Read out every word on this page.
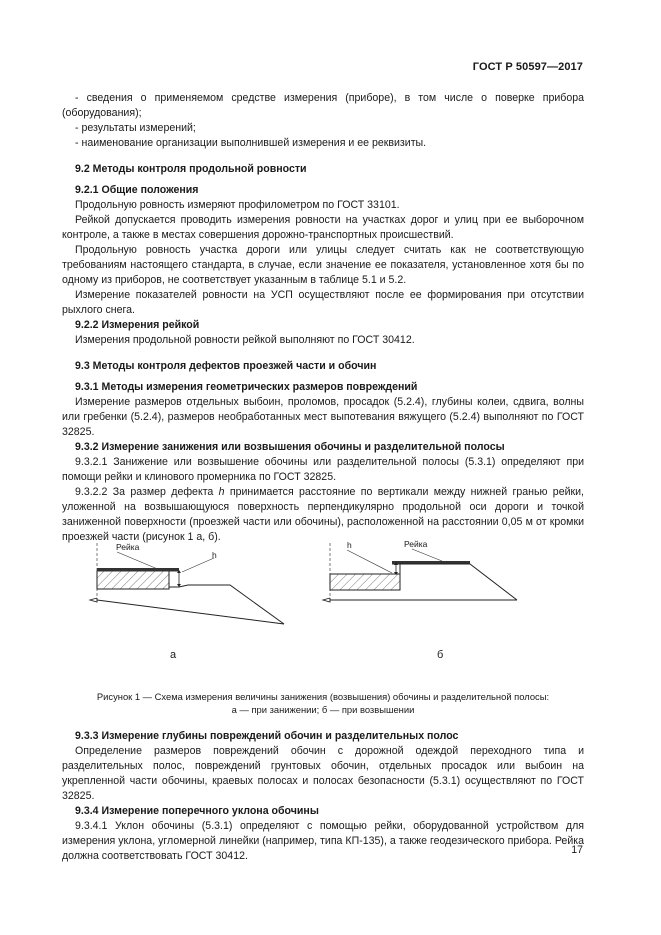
ГОСТ Р 50597—2017

- сведения о применяемом средстве измерения (приборе), в том числе о поверке прибора (оборудования);

- результаты измерений;

- наименование организации выполнившей измерения и ее реквизиты.

9.2 Методы контроля продольной ровности

9.2.1 Общие положения

Продольную ровность измеряют профилометром по ГОСТ 33101.

Рейкой допускается проводить измерения ровности на участках дорог и улиц при ее выборочном контроле, а также в местах совершения дорожно-транспортных происшествий.

Продольную ровность участка дороги или улицы следует считать как не соответствующую требованиям настоящего стандарта, в случае, если значение ее показателя, установленное хотя бы по одному из приборов, не соответствует указанным в таблице 5.1 и 5.2.

Измерение показателей ровности на УСП осуществляют после ее формирования при отсутствии рыхлого снега.

9.2.2 Измерения рейкой

Измерения продольной ровности рейкой выполняют по ГОСТ 30412.

9.3 Методы контроля дефектов проезжей части и обочин

9.3.1 Методы измерения геометрических размеров повреждений

Измерение размеров отдельных выбоин, проломов, просадок (5.2.4), глубины колеи, сдвига, волны или гребенки (5.2.4), размеров необработанных мест выпотевания вяжущего (5.2.4) выполняют по ГОСТ 32825.

9.3.2 Измерение занижения или возвышения обочины и разделительной полосы

9.3.2.1 Занижение или возвышение обочины или разделительной полосы (5.3.1) определяют при помощи рейки и клинового промерника по ГОСТ 32825.

9.3.2.2 За размер дефекта h принимается расстояние по вертикали между нижней гранью рейки, уложенной на возвышающуюся поверхность перпендикулярно продольной оси дороги и точкой заниженной поверхности (проезжей части или обочины), расположенной на расстоянии 0,05 м от кромки проезжей части (рисунок 1 а, б).

Рейка
h
h	Рейка
а	б
Рисунок 1 — Схема измерения величины занижения (возвышения) обочины и разделительной полосы:
а — при занижении; б — при возвышении

9.3.3 Измерение глубины повреждений обочин и разделительных полос

Определение размеров повреждений обочин с дорожной одеждой переходного типа и разделительных полос, повреждений грунтовых обочин, отдельных просадок или выбоин на укрепленной части обочины, краевых полосах и полосах безопасности (5.3.1) осуществляют по ГОСТ 32825.

9.3.4 Измерение поперечного уклона обочины

9.3.4.1 Уклон обочины (5.3.1) определяют с помощью рейки, оборудованной устройством для измерения уклона, угломерной линейки (например, типа КП-135), а также геодезического прибора. Рейка должна соответствовать ГОСТ 30412.	17
